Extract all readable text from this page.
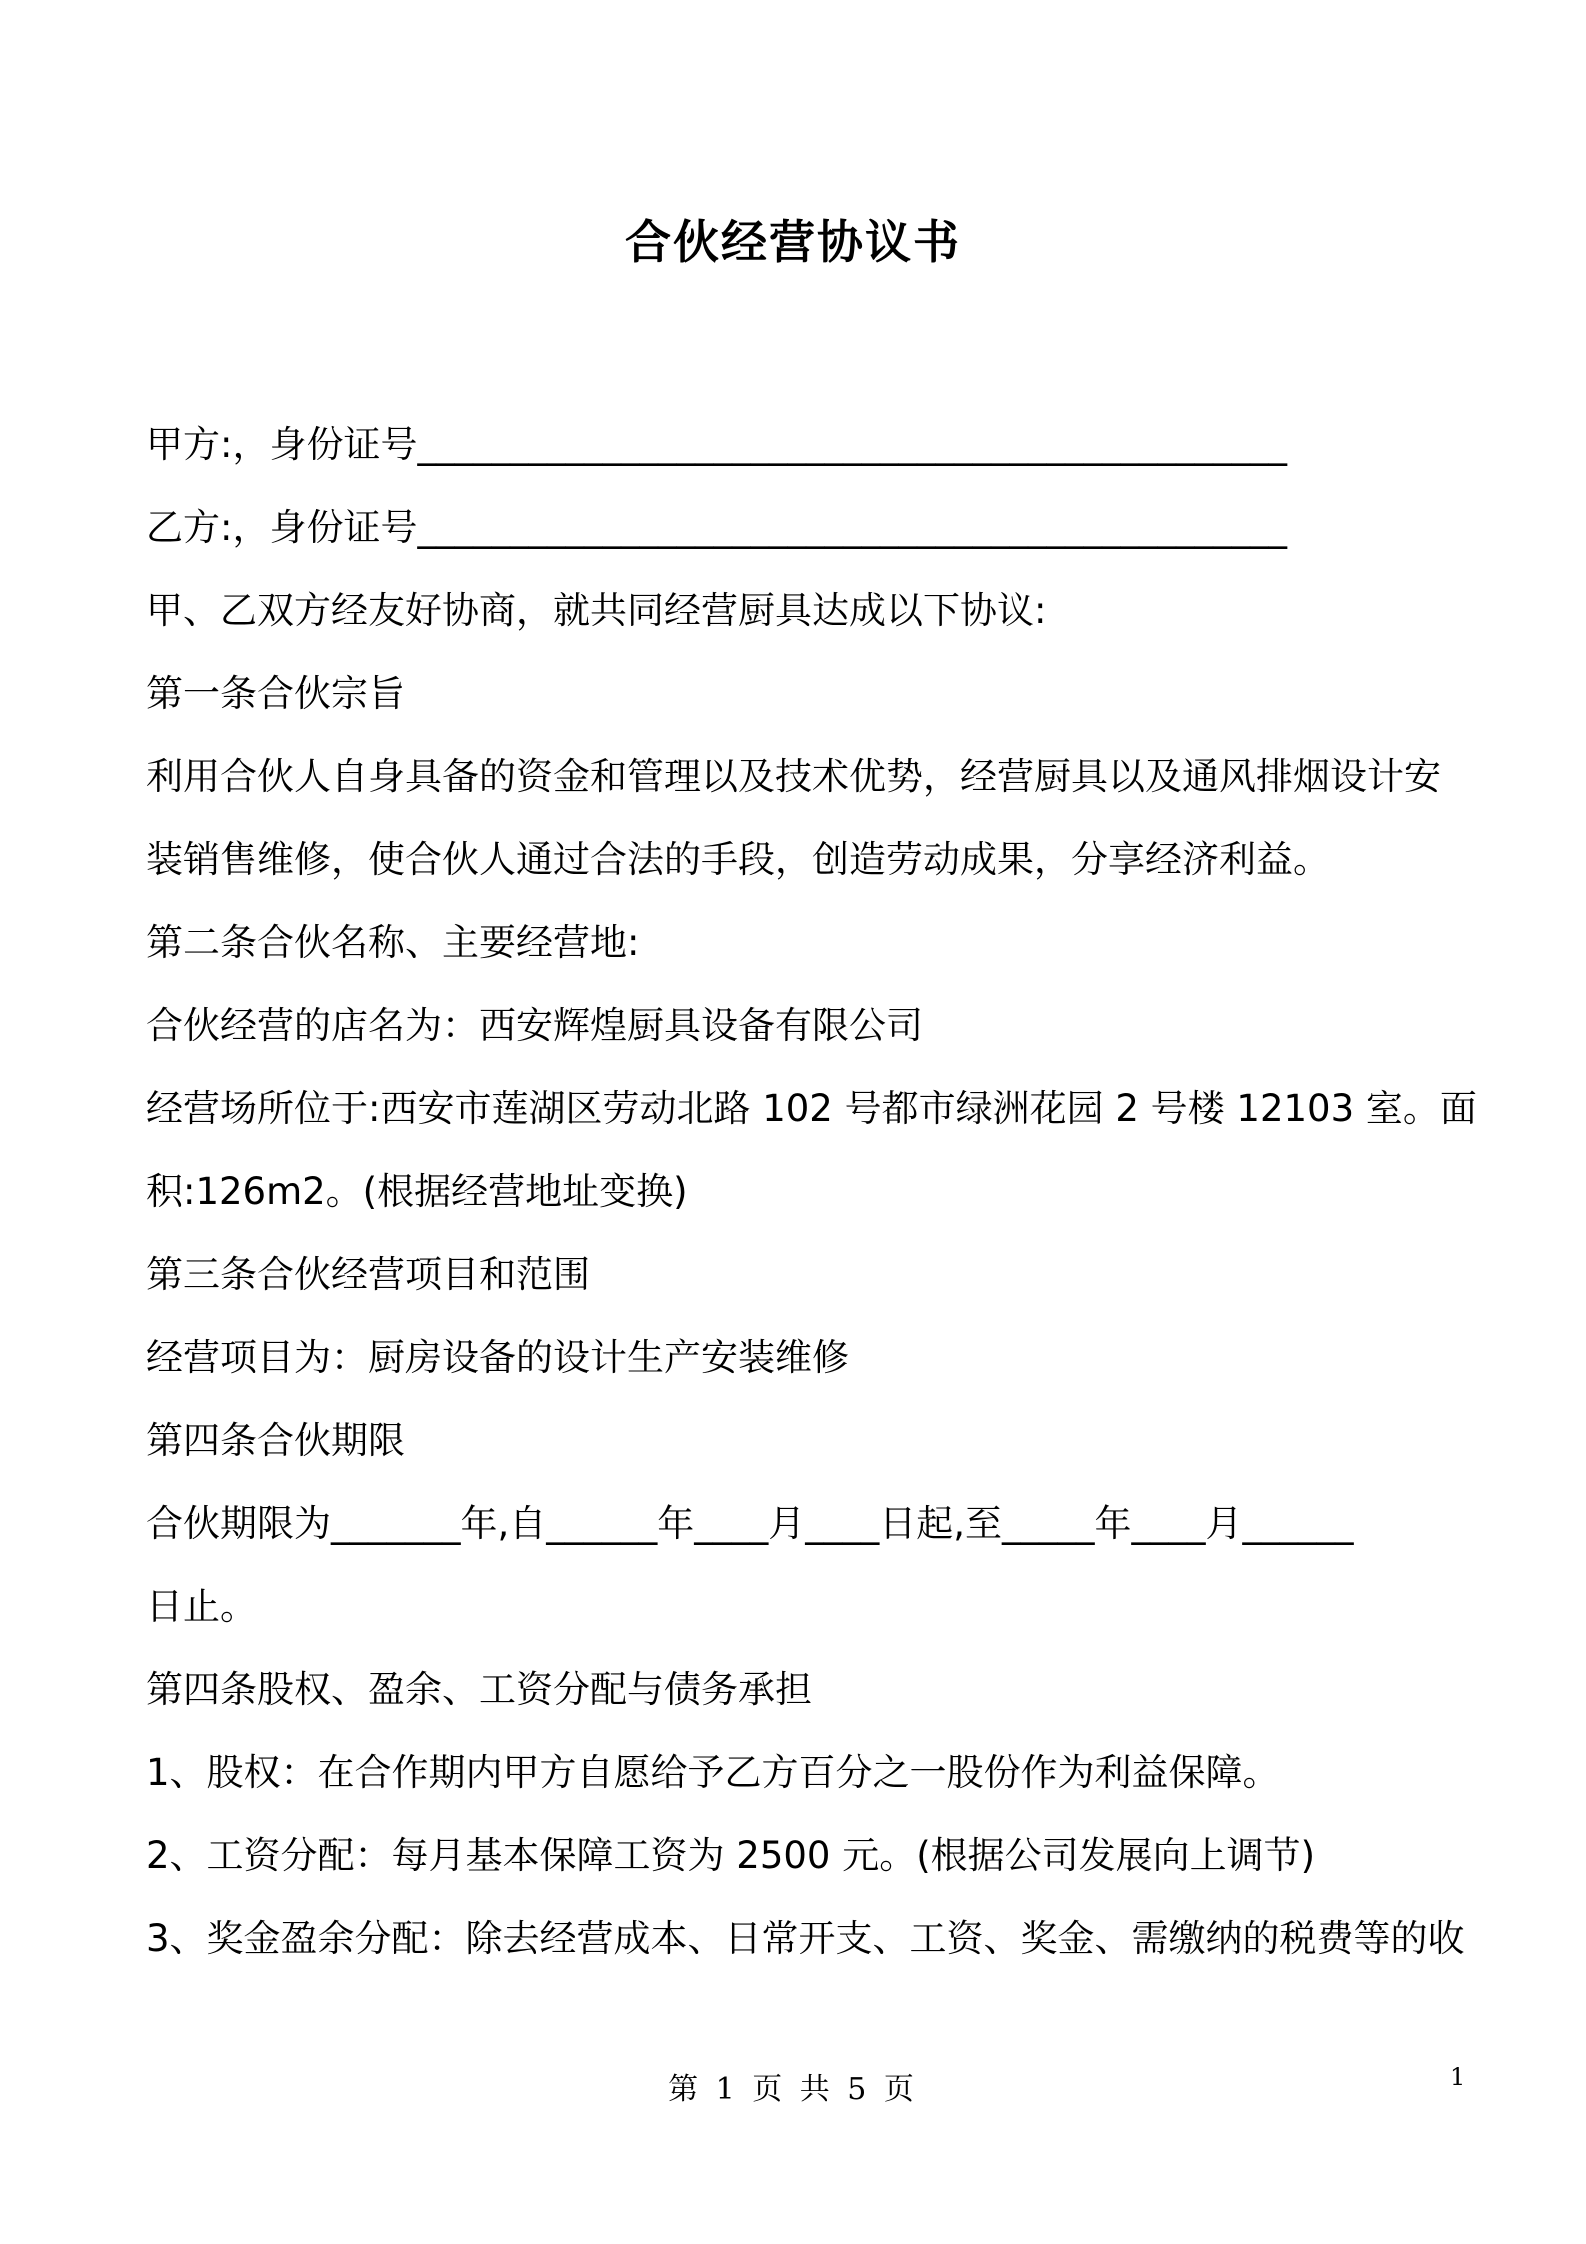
合伙经营协议书
甲方:，身份证号_______________________________________________
乙方:，身份证号_______________________________________________
甲、乙双方经友好协商，就共同经营厨具达成以下协议:
第一条合伙宗旨
利用合伙人自身具备的资金和管理以及技术优势，经营厨具以及通风排烟设计安
装销售维修，使合伙人通过合法的手段，创造劳动成果，分享经济利益。
第二条合伙名称、主要经营地:
合伙经营的店名为：西安辉煌厨具设备有限公司
经营场所位于:西安市莲湖区劳动北路 102 号都市绿洲花园 2 号楼 12103 室。面
积:126m2。(根据经营地址变换)
第三条合伙经营项目和范围
经营项目为：厨房设备的设计生产安装维修
第四条合伙期限
合伙期限为_______年,自______年____月____日起,至_____年____月______
日止。
第四条股权、盈余、工资分配与债务承担
1、股权：在合作期内甲方自愿给予乙方百分之一股份作为利益保障。
2、工资分配：每月基本保障工资为 2500 元。(根据公司发展向上调节)
3、奖金盈余分配：除去经营成本、日常开支、工资、奖金、需缴纳的税费等的收
第 1 页 共 5 页	1
